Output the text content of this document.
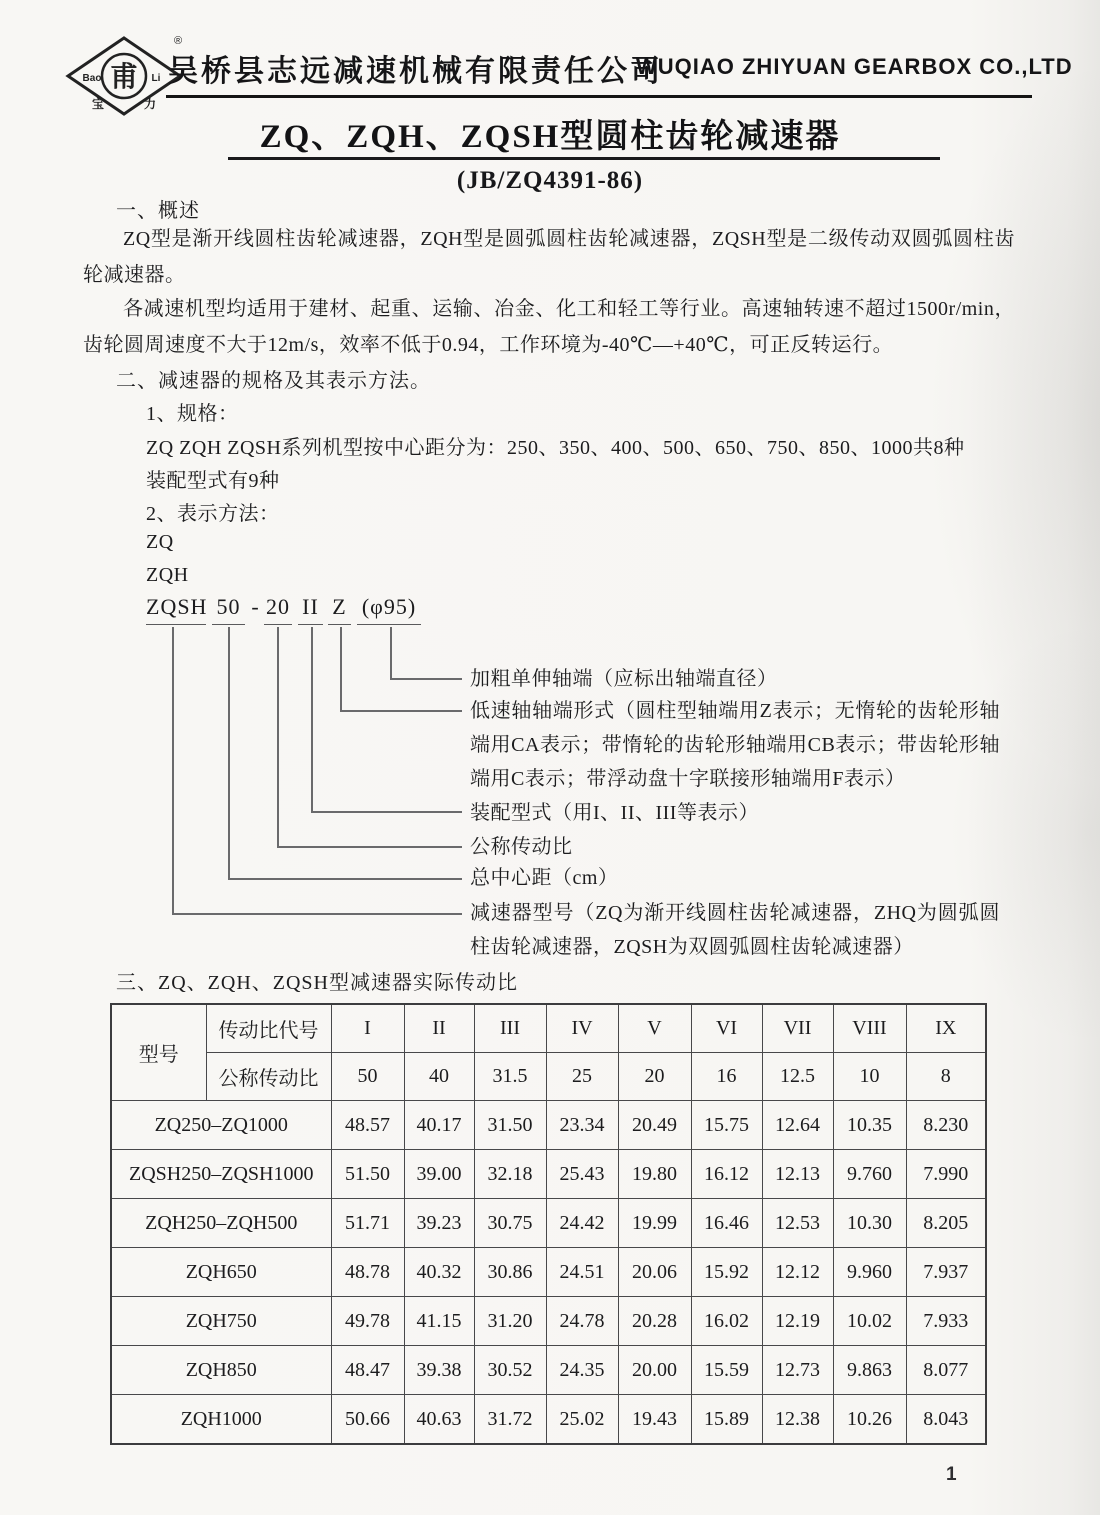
甫
Bao	Li
宝	力
®
吴桥县志远减速机械有限责任公司
WUQIAO ZHIYUAN GEARBOX CO.,LTD
ZQ、ZQH、ZQSH型圆柱齿轮减速器
(JB/ZQ4391-86)
一、概述
ZQ型是渐开线圆柱齿轮减速器，ZQH型是圆弧圆柱齿轮减速器，ZQSH型是二级传动双圆弧圆柱齿轮减速器。
各减速机型均适用于建材、起重、运输、冶金、化工和轻工等行业。高速轴转速不超过1500r/min，齿轮圆周速度不大于12m/s，效率不低于0.94，工作环境为-40℃—+40℃，可正反转运行。
二、减速器的规格及其表示方法。
1、规格：
ZQ ZQH ZQSH系列机型按中心距分为：250、350、400、500、650、750、850、1000共8种
装配型式有9种
2、表示方法：
ZQ
ZQH
ZQSH 50 - 20 II Z (φ95)
加粗单伸轴端（应标出轴端直径）
低速轴轴端形式（圆柱型轴端用Z表示；无惰轮的齿轮形轴端用CA表示；带惰轮的齿轮形轴端用CB表示；带齿轮形轴端用C表示；带浮动盘十字联接形轴端用F表示）
装配型式（用I、II、III等表示）
公称传动比
总中心距（cm）
减速器型号（ZQ为渐开线圆柱齿轮减速器，ZHQ为圆弧圆柱齿轮减速器，ZQSH为双圆弧圆柱齿轮减速器）
三、ZQ、ZQH、ZQSH型减速器实际传动比
型号	传动比代号	I	II	III	IV	V	VI	VII	VIII	IX
	公称传动比	50	40	31.5	25	20	16	12.5	10	8
ZQ250–ZQ1000		48.57	40.17	31.50	23.34	20.49	15.75	12.64	10.35	8.230
ZQSH250–ZQSH1000		51.50	39.00	32.18	25.43	19.80	16.12	12.13	9.760	7.990
ZQH250–ZQH500		51.71	39.23	30.75	24.42	19.99	16.46	12.53	10.30	8.205
ZQH650		48.78	40.32	30.86	24.51	20.06	15.92	12.12	9.960	7.937
ZQH750		49.78	41.15	31.20	24.78	20.28	16.02	12.19	10.02	7.933
ZQH850		48.47	39.38	30.52	24.35	20.00	15.59	12.73	9.863	8.077
ZQH1000		50.66	40.63	31.72	25.02	19.43	15.89	12.38	10.26	8.043
1
